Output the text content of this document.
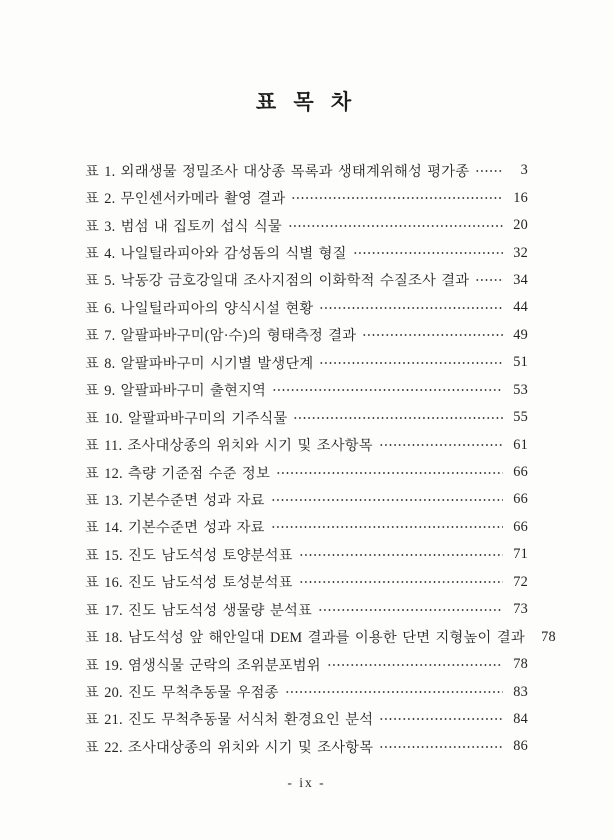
표 목 차
표 1. 외래생물 정밀조사 대상종 목록과 생태계위해성 평가종	3
표 2. 무인센서카메라 촬영 결과	16
표 3. 범섬 내 집토끼 섭식 식물	20
표 4. 나일틸라피아와 감성돔의 식별 형질	32
표 5. 낙동강 금호강일대 조사지점의 이화학적 수질조사 결과	34
표 6. 나일틸라피아의 양식시설 현황	44
표 7. 알팔파바구미(암·수)의 형태측정 결과	49
표 8. 알팔파바구미 시기별 발생단계	51
표 9. 알팔파바구미 출현지역	53
표 10. 알팔파바구미의 기주식물	55
표 11. 조사대상종의 위치와 시기 및 조사항목	61
표 12. 측량 기준점 수준 정보	66
표 13. 기본수준면 성과 자료	66
표 14. 기본수준면 성과 자료	66
표 15. 진도 남도석성 토양분석표	71
표 16. 진도 남도석성 토성분석표	72
표 17. 진도 남도석성 생물량 분석표	73
표 18. 남도석성 앞 해안일대 DEM 결과를 이용한 단면 지형높이 결과	78
표 19. 염생식물 군락의 조위분포범위	78
표 20. 진도 무척추동물 우점종	83
표 21. 진도 무척추동물 서식처 환경요인 분석	84
표 22. 조사대상종의 위치와 시기 및 조사항목	86
- ix -
